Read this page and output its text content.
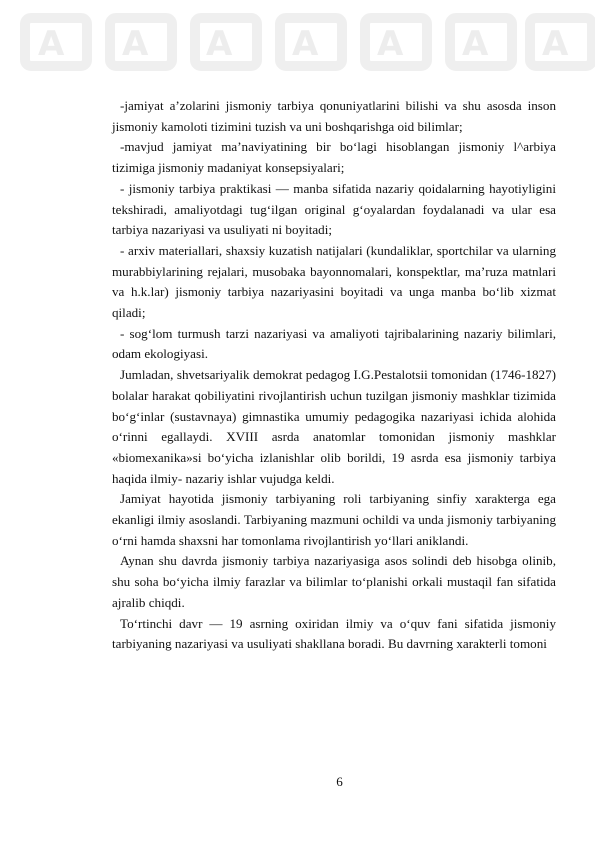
A A A A A A A

-jamiyat a’zolarini jismoniy tarbiya qonuniyatlarini bilishi va shu asosda inson jismoniy kamoloti tizimini tuzish va uni boshqarishga oid bilimlar;

-mavjud jamiyat ma’naviyatining bir bo‘lagi hisoblangan jismoniy l^arbiya tizimiga jismoniy madaniyat konsepsiyalari;

- jismoniy tarbiya praktikasi — manba sifatida nazariy qoidalarning hayotiyligini tekshiradi, amaliyotdagi tug‘ilgan original g‘oyalardan foydalanadi va ular esa tarbiya nazariyasi va usuliyati ni boyitadi;

- arxiv materiallari, shaxsiy kuzatish natijalari (kundaliklar, sportchilar va ularning murabbiylarining rejalari, musobaka bayonnomalari, konspektlar, ma’ruza matnlari va h.k.lar) jismoniy tarbiya nazariyasini boyitadi va unga manba bo‘lib xizmat qiladi;

- sog‘lom turmush tarzi nazariyasi va amaliyoti tajribalarining nazariy bilimlari, odam ekologiyasi.

Jumladan, shvetsariyalik demokrat pedagog I.G.Pestalotsii tomonidan (1746-1827) bolalar harakat qobiliyatini rivojlantirish uchun tuzilgan jismoniy mashklar tizimida bo‘g‘inlar (sustavnaya) gimnastika umumiy pedagogika nazariyasi ichida alohida o‘rinni egallaydi. XVIII asrda anatomlar tomonidan jismoniy mashklar «biomexanika»si bo‘yicha izlanishlar olib borildi, 19 asrda esa jismoniy tarbiya haqida ilmiy- nazariy ishlar vujudga keldi.

Jamiyat hayotida jismoniy tarbiyaning roli tarbiyaning sinfiy xarakterga ega ekanligi ilmiy asoslandi. Tarbiyaning mazmuni ochildi va unda jismoniy tarbiyaning o‘rni hamda shaxsni har tomonlama rivojlantirish yo‘llari aniklandi.

Aynan shu davrda jismoniy tarbiya nazariyasiga asos solindi deb hisobga olinib, shu soha bo‘yicha ilmiy farazlar va bilimlar to‘planishi orkali mustaqil fan sifatida ajralib chiqdi.

To‘rtinchi davr — 19 asrning oxiridan ilmiy va o‘quv fani sifatida jismoniy tarbiyaning nazariyasi va usuliyati shakllana boradi. Bu davrning xarakterli tomoni

6
